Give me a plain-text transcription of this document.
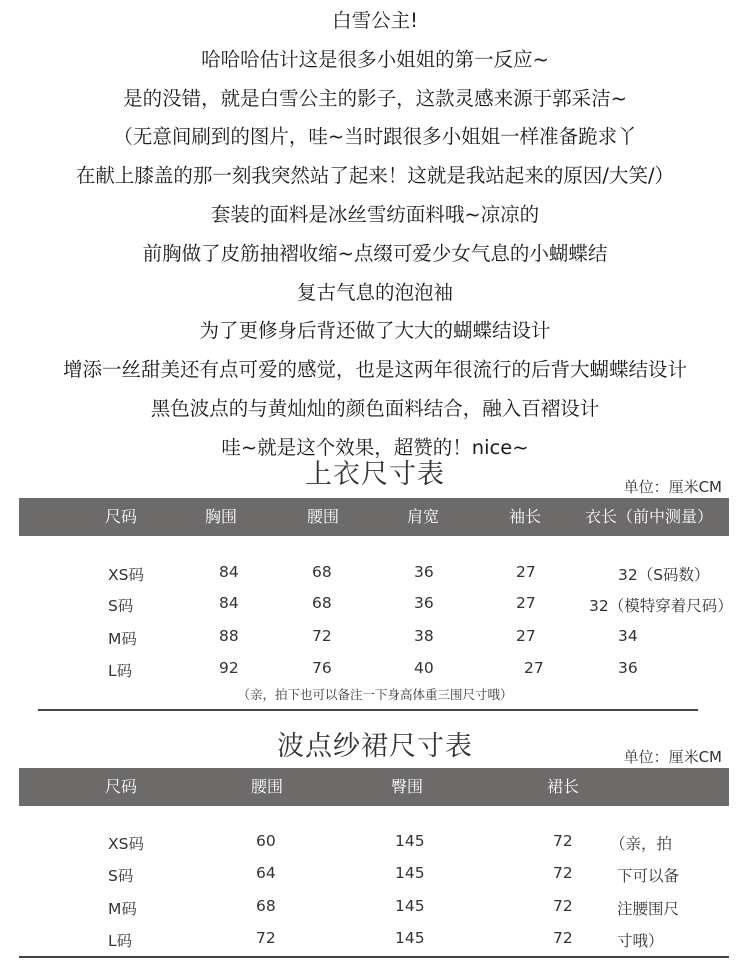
白雪公主!
哈哈哈估计这是很多小姐姐的第一反应~
是的没错，就是白雪公主的影子，这款灵感来源于郭采洁~
（无意间刷到的图片，哇~当时跟很多小姐姐一样准备跪求丫
在献上膝盖的那一刻我突然站了起来！这就是我站起来的原因/大笑/）
套装的面料是冰丝雪纺面料哦~凉凉的
前胸做了皮筋抽褶收缩~点缀可爱少女气息的小蝴蝶结
复古气息的泡泡袖
为了更修身后背还做了大大的蝴蝶结设计
增添一丝甜美还有点可爱的感觉，也是这两年很流行的后背大蝴蝶结设计
黑色波点的与黄灿灿的颜色面料结合，融入百褶设计
哇~就是这个效果，超赞的！nice~
上衣尺寸表	单位：厘米CM
尺码	胸围	腰围	肩宽	袖长	衣长（前中测量）
XS码	84	68	36	27	32（S码数）
S码	84	68	36	27	32（模特穿着尺码）
M码	88	72	38	27	34
L码	92	76	40	27	36
（亲，拍下也可以备注一下身高体重三围尺寸哦）
波点纱裙尺寸表	单位：厘米CM
尺码	腰围	臀围	裙长
XS码	60	145	72 （亲，拍
S码	64	145	72	下可以备
M码	68	145	72	注腰围尺
L码	72	145	72	寸哦）
